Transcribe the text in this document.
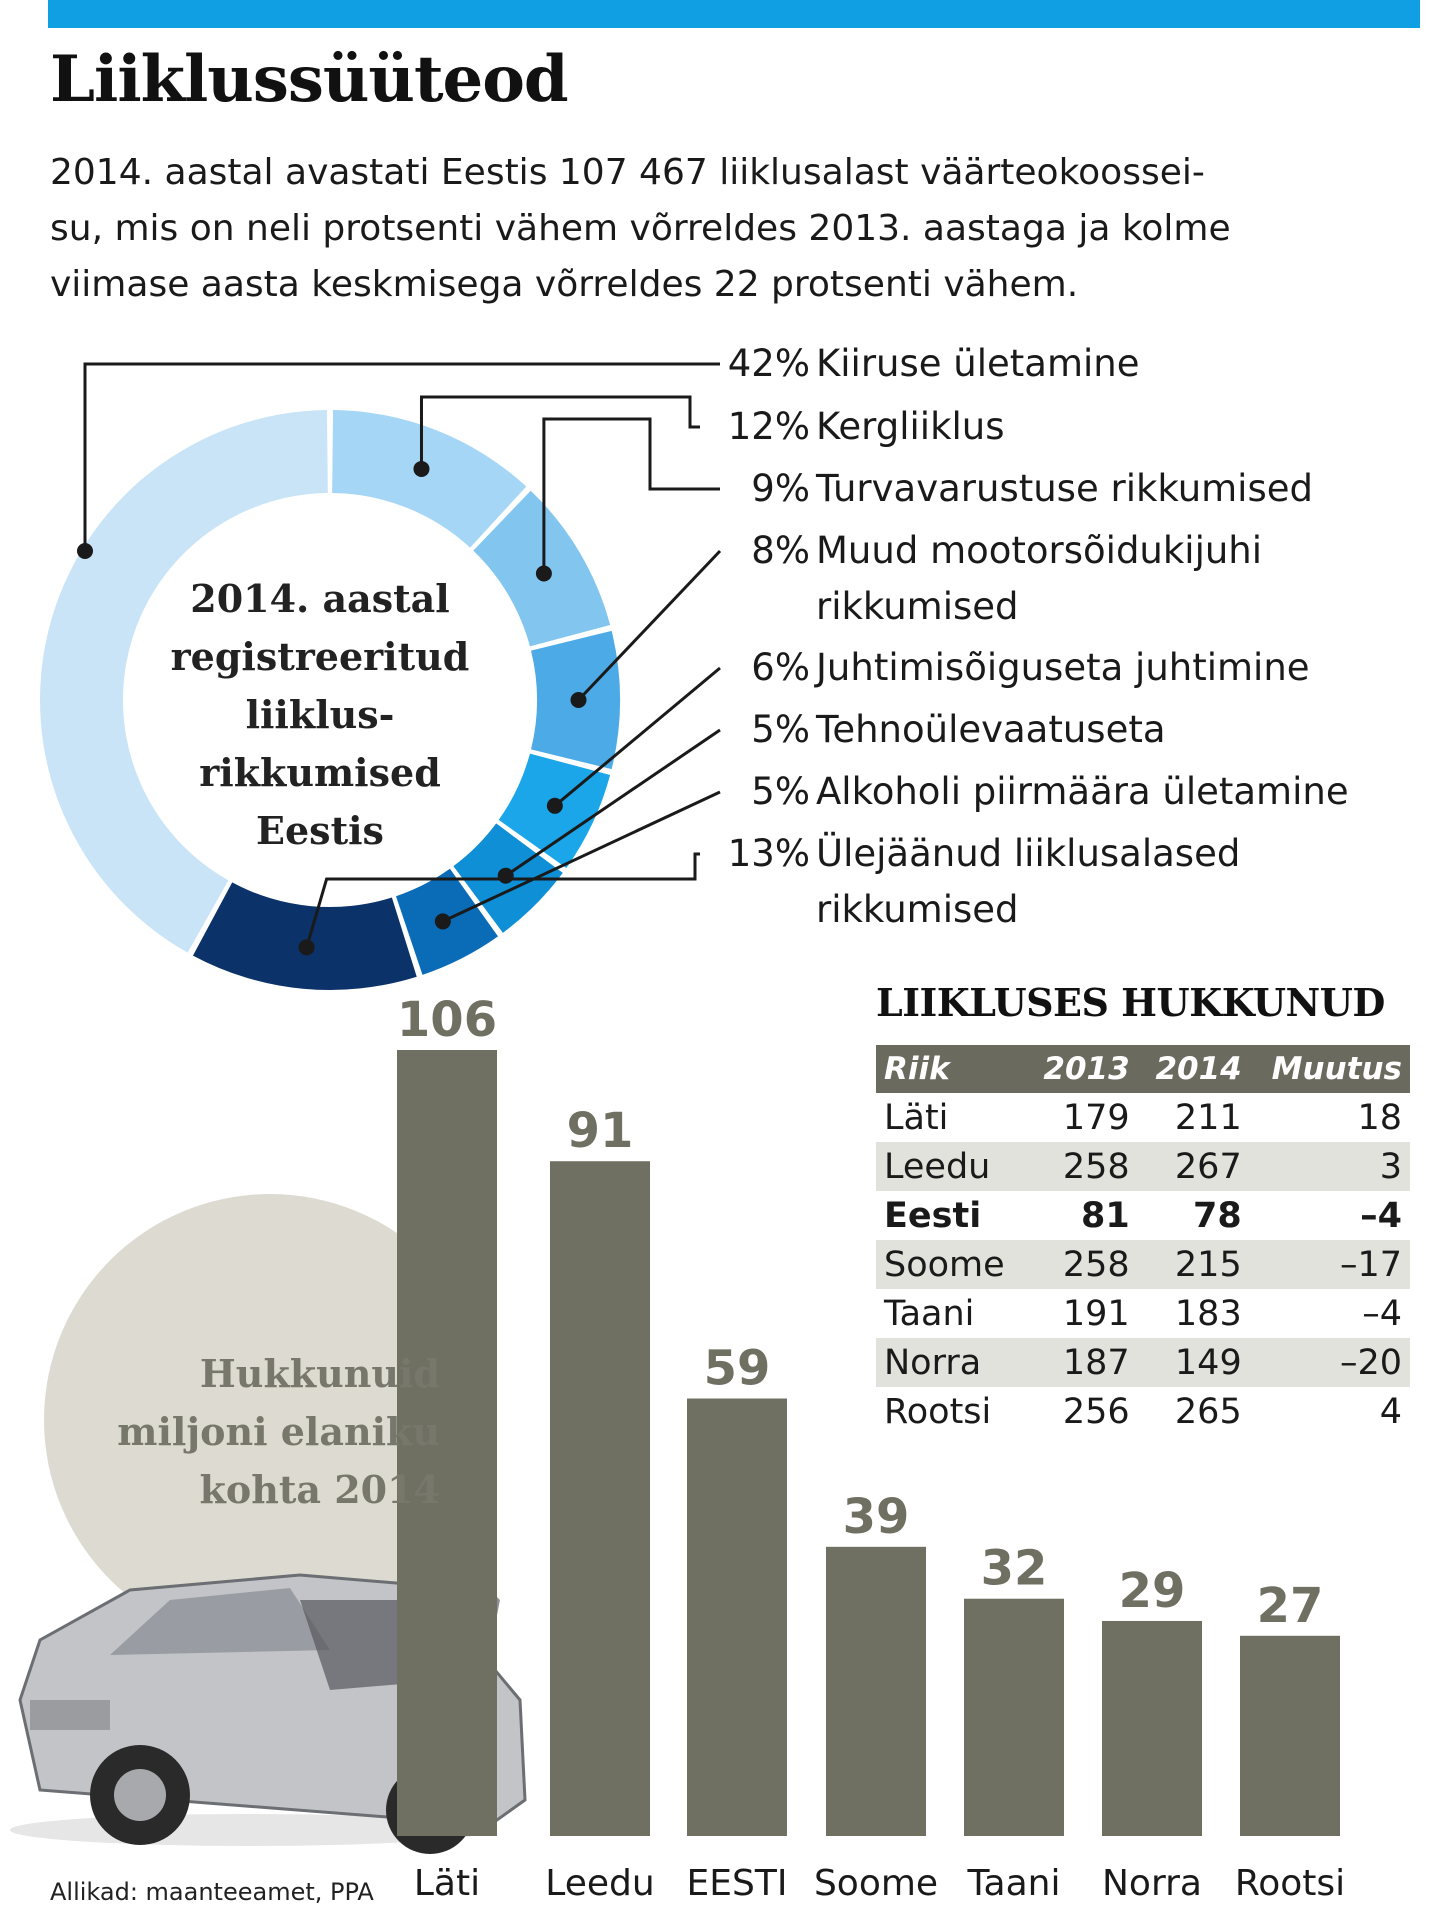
Liiklussüüteod
2014. aastal avastati Eestis 107 467 liiklusalast väärteokoossei-
su, mis on neli protsenti vähem võrreldes 2013. aastaga ja kolme
viimase aasta keskmisega võrreldes 22 protsenti vähem.
106
Läti
91
Leedu
59
EESTI
39
Soome
32
Taani
29
Norra
27
Rootsi
2014. aastal
registreeritud
liiklus-
rikkumised
Eestis
42% Kiiruse ületamine
12% Kergliiklus
9% Turvavarustuse rikkumised
8% Muud mootorsõidukijuhi
rikkumised
6% Juhtimisõiguseta juhtimine
5% Tehnoülevaatuseta
5% Alkoholi piirmäära ületamine
13% Ülejäänud liiklusalased
rikkumised
Hukkunuid
miljoni elaniku
kohta 2014
LIIKLUSES HUKKUNUD
Riik	2013	2014	Muutus
Läti	179	211	18
Leedu	258	267	3
Eesti	81	78	–4
Soome	258	215	–17
Taani	191	183	–4
Norra	187	149	–20
Rootsi	256	265	4
Allikad: maanteeamet, PPA
